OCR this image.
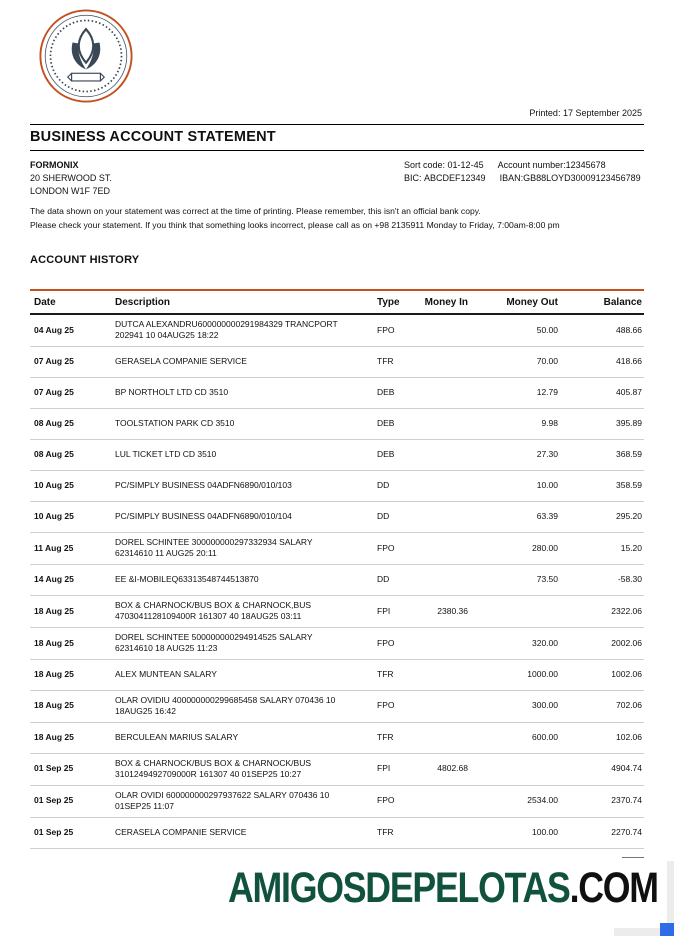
Printed: 17 September 2025
BUSINESS ACCOUNT STATEMENT
FORMONIX
20 SHERWOOD ST.
LONDON W1F 7ED
Sort code: 01-12-45 Account number:12345678
BIC: ABCDEF12349 IBAN:GB88LOYD30009123456789
The data shown on your statement was correct at the time of printing. Please remember, this isn't an official bank copy.
Please check your statement. If you think that something looks incorrect, please call as on +98 2135911 Monday to Friday, 7:00am-8:00 pm
ACCOUNT HISTORY
Date	Description	Type	Money In	Money Out	Balance
04 Aug 25	DUTCA ALEXANDRU600000000291984329 TRANCPORT 202941 10 04AUG25 18:22	FPO		50.00	488.66
07 Aug 25	GERASELA COMPANIE SERVICE	TFR		70.00	418.66
07 Aug 25	BP NORTHOLT LTD CD 3510	DEB		12.79	405.87
08 Aug 25	TOOLSTATION PARK CD 3510	DEB		9.98	395.89
08 Aug 25	LUL TICKET LTD CD 3510	DEB		27.30	368.59
10 Aug 25	PC/SIMPLY BUSINESS 04ADFN6890/010/103	DD		10.00	358.59
10 Aug 25	PC/SIMPLY BUSINESS 04ADFN6890/010/104	DD		63.39	295.20
11 Aug 25	DOREL SCHINTEE 300000000297332934 SALARY 62314610 11 AUG25 20:11	FPO		280.00	15.20
14 Aug 25	EE &I-MOBILEQ63313548744513870	DD		73.50	-58.30
18 Aug 25	BOX & CHARNOCK/BUS BOX & CHARNOCK,BUS 4703041128109400R 161307 40 18AUG25 03:11	FPI	2380.36		2322.06
18 Aug 25	DOREL SCHINTEE 500000000294914525 SALARY 62314610 18 AUG25 11:23	FPO		320.00	2002.06
18 Aug 25	ALEX MUNTEAN SALARY	TFR		1000.00	1002.06
18 Aug 25	OLAR OVIDIU 400000000299685458 SALARY 070436 10 18AUG25 16:42	FPO		300.00	702.06
18 Aug 25	BERCULEAN MARIUS SALARY	TFR		600.00	102.06
01 Sep 25	BOX & CHARNOCK/BUS BOX & CHARNOCK/BUS 3101249492709000R 161307 40 01SEP25 10:27	FPI	4802.68		4904.74
01 Sep 25	OLAR OVIDI 600000000297937622 SALARY 070436 10 01SEP25 11:07	FPO		2534.00	2370.74
01 Sep 25	CERASELA COMPANIE SERVICE	TFR		100.00	2270.74
AMIGOSDEPELOTAS.COM
